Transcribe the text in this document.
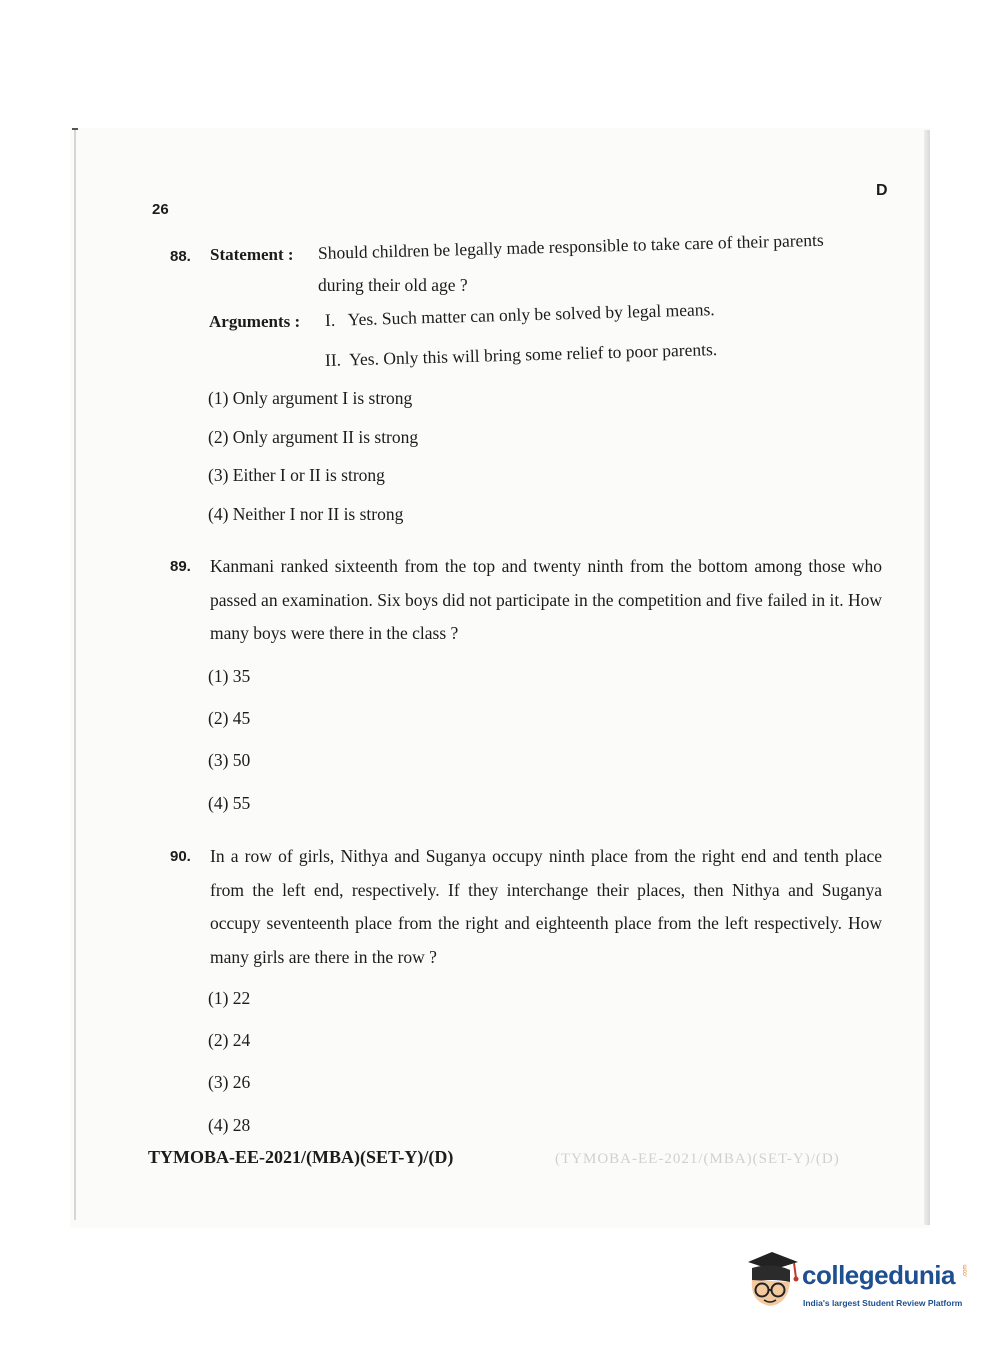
26
D
88. Statement : Should children be legally made responsible to take care of their parents
during their old age ?
Arguments : I.   Yes. Such matter can only be solved by legal means.
II.  Yes. Only this will bring some relief to poor parents.
(1) Only argument I is strong
(2) Only argument II is strong
(3) Either I or II is strong
(4) Neither I nor II is strong
89. Kanmani ranked sixteenth from the top and twenty ninth from the bottom among those who passed an examination. Six boys did not participate in the competition and five failed in it. How many boys were there in the class ?
(1) 35
(2) 45
(3) 50
(4) 55
90. In a row of girls, Nithya and Suganya occupy ninth place from the right end and tenth place from the left end, respectively. If they interchange their places, then Nithya and Suganya occupy seventeenth place from the right and eighteenth place from the left respectively. How many girls are there in the row ?
(1) 22
(2) 24
(3) 26
(4) 28
TYMOBA-EE-2021/(MBA)(SET-Y)/(D)	(TYMOBA-EE-2021/(MBA)(SET-Y)/(D)
collegedunia .com
India's largest Student Review Platform
